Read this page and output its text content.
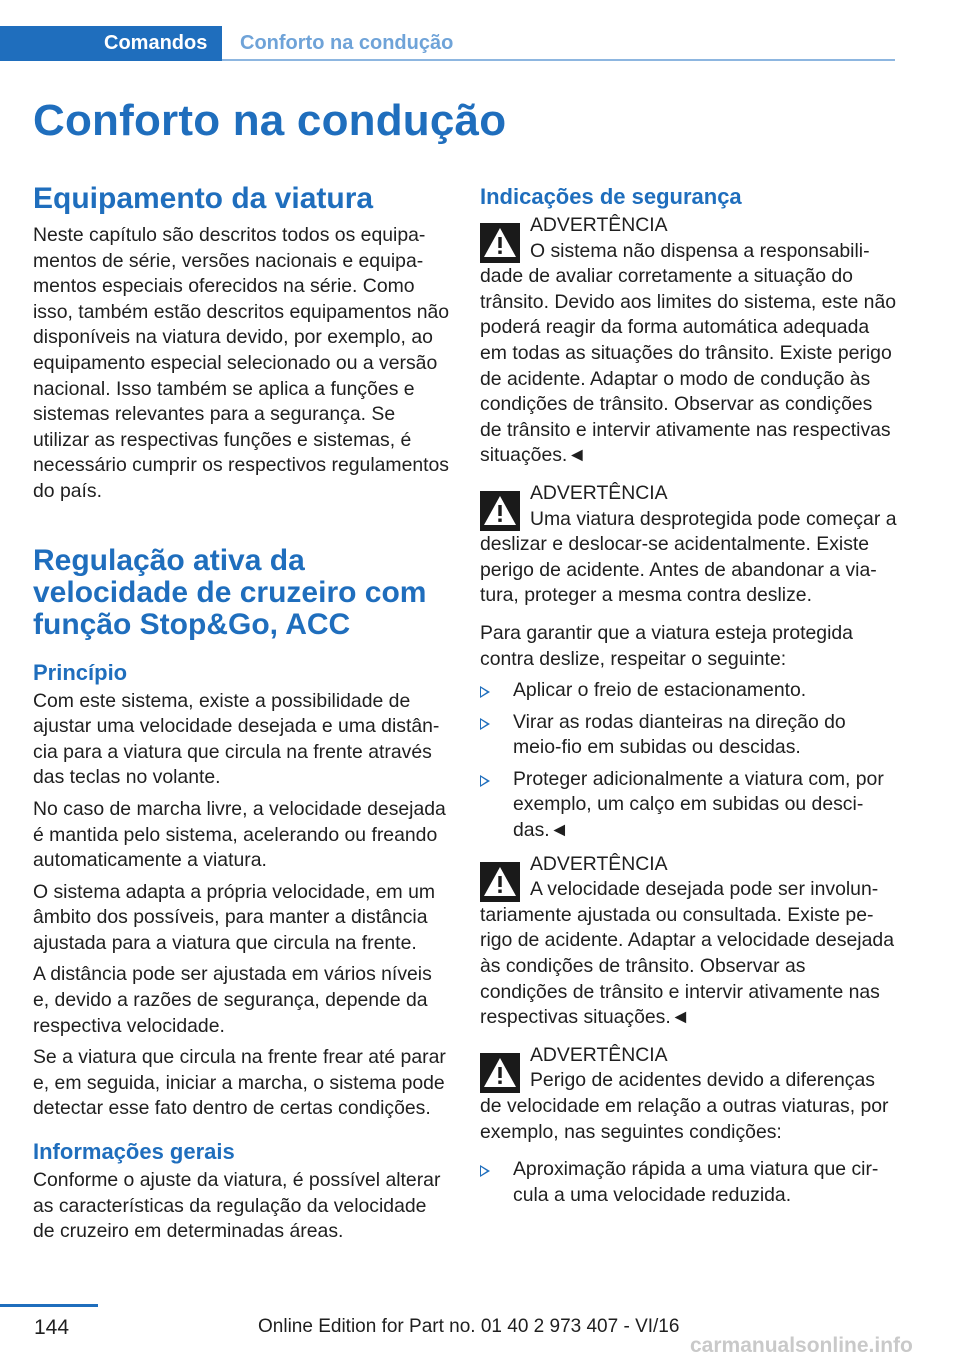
Comandos	Conforto na condução
Conforto na condução
Equipamento da viatura

Neste capítulo são descritos todos os equipamentos de série, versões nacionais e equipamentos especiais oferecidos na série. Como isso, também estão descritos equipamentos não disponíveis na viatura devido, por exemplo, ao equipamento especial selecionado ou a versão nacional. Isso também se aplica a funções e sistemas relevantes para a segurança. Se utilizar as respectivas funções e sistemas, é necessário cumprir os respectivos regulamentos do país.

Regulação ativa da velocidade de cruzeiro com função Stop&Go, ACC
Princípio

Com este sistema, existe a possibilidade de ajustar uma velocidade desejada e uma distância para a viatura que circula na frente através das teclas no volante.

No caso de marcha livre, a velocidade desejada é mantida pelo sistema, acelerando ou freando automaticamente a viatura.

O sistema adapta a própria velocidade, em um âmbito dos possíveis, para manter a distância ajustada para a viatura que circula na frente.

A distância pode ser ajustada em vários níveis e, devido a razões de segurança, depende da respectiva velocidade.

Se a viatura que circula na frente frear até parar e, em seguida, iniciar a marcha, o sistema pode detectar esse fato dentro de certas condições.

Informações gerais

Conforme o ajuste da viatura, é possível alterar as características da regulação da velocidade de cruzeiro em determinadas áreas.

Indicações de segurança
ADVERTÊNCIA
O sistema não dispensa a responsabilidade de avaliar corretamente a situação do trânsito. Devido aos limites do sistema, este não poderá reagir da forma automática adequada em todas as situações do trânsito. Existe perigo de acidente. Adaptar o modo de condução às condições de trânsito. Observar as condições de trânsito e intervir ativamente nas respectivas situações.◄
ADVERTÊNCIA
Uma viatura desprotegida pode começar a deslizar e deslocar-se acidentalmente. Existe perigo de acidente. Antes de abandonar a viatura, proteger a mesma contra deslize.

Para garantir que a viatura esteja protegida contra deslize, respeitar o seguinte:

Aplicar o freio de estacionamento.
Virar as rodas dianteiras na direção do meio-fio em subidas ou descidas.
Proteger adicionalmente a viatura com, por exemplo, um calço em subidas ou descidas.◄
ADVERTÊNCIA
A velocidade desejada pode ser involuntariamente ajustada ou consultada. Existe perigo de acidente. Adaptar a velocidade desejada às condições de trânsito. Observar as condições de trânsito e intervir ativamente nas respectivas situações.◄
ADVERTÊNCIA
Perigo de acidentes devido a diferenças de velocidade em relação a outras viaturas, por exemplo, nas seguintes condições:
Aproximação rápida a uma viatura que circula a uma velocidade reduzida.
144	Online Edition for Part no. 01 40 2 973 407 - VI/16
carmanualsonline.info
